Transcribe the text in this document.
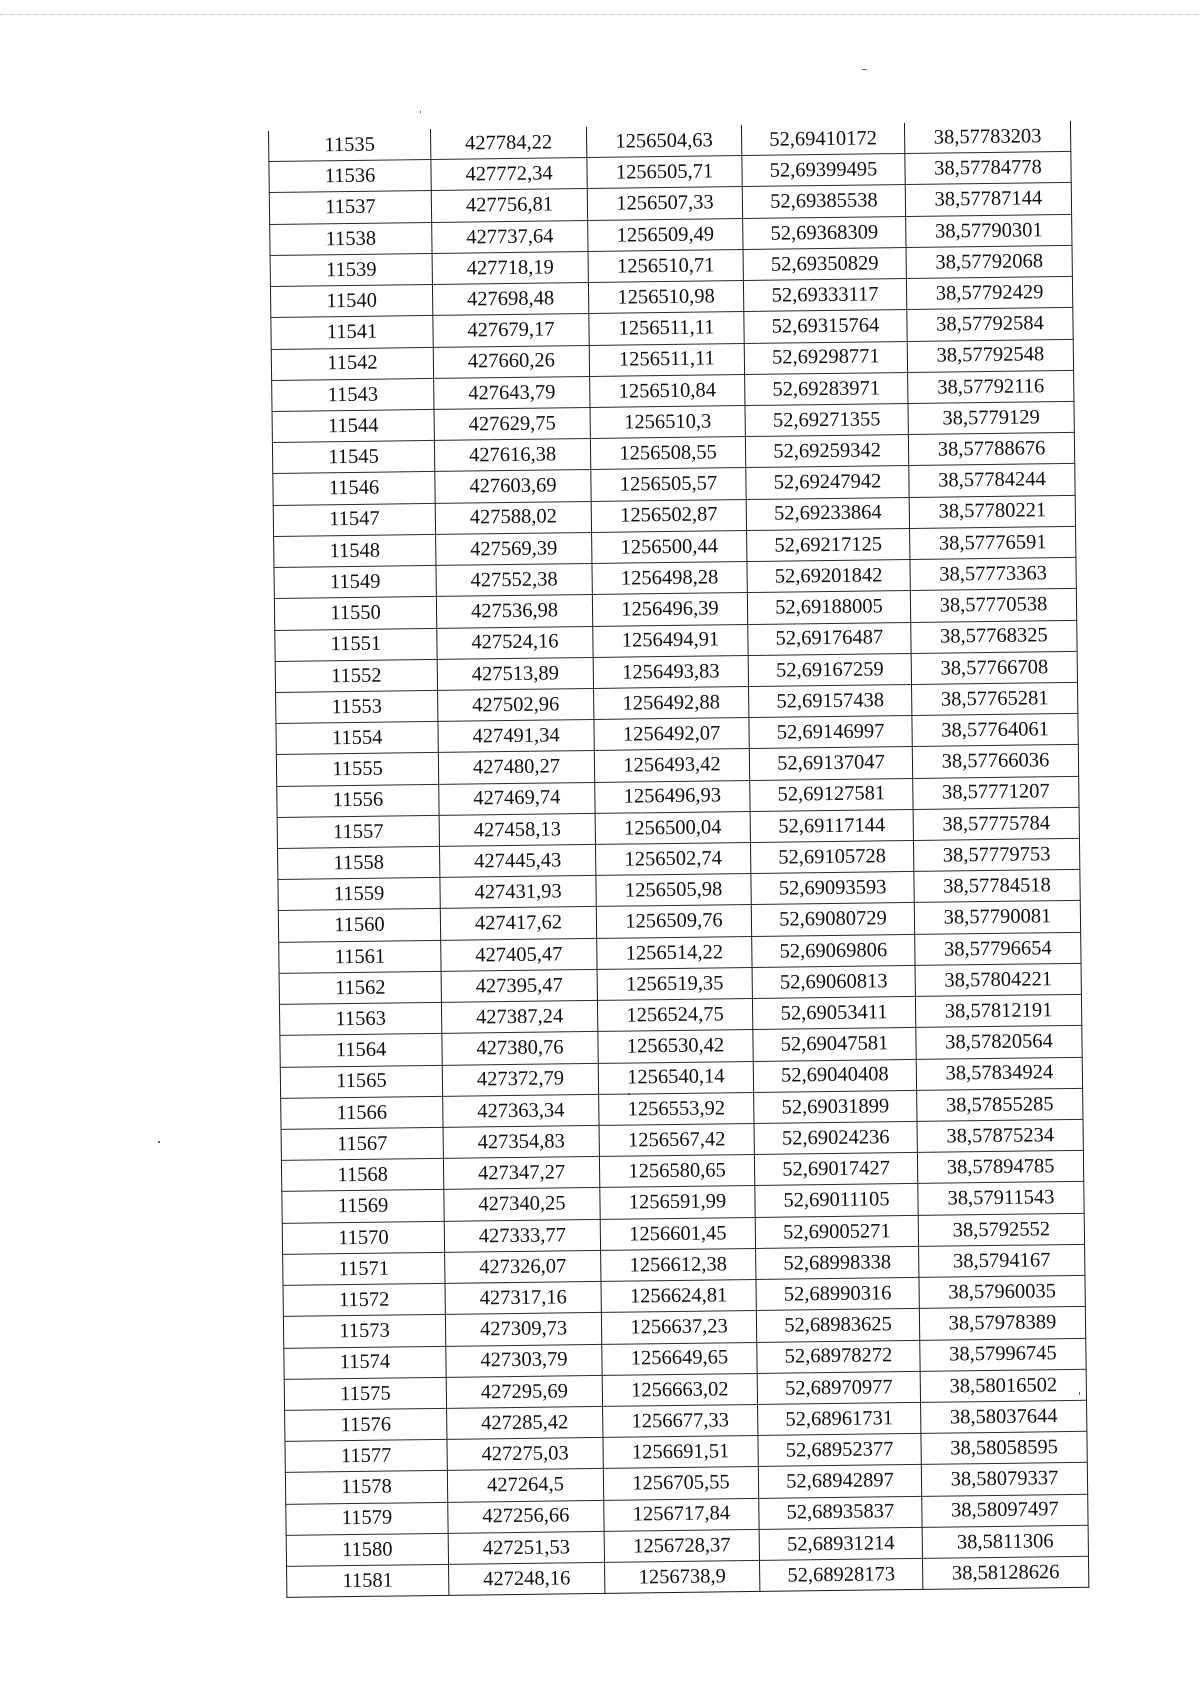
11535	427784,22	1256504,63	52,69410172	38,57783203
11536	427772,34	1256505,71	52,69399495	38,57784778
11537	427756,81	1256507,33	52,69385538	38,57787144
11538	427737,64	1256509,49	52,69368309	38,57790301
11539	427718,19	1256510,71	52,69350829	38,57792068
11540	427698,48	1256510,98	52,69333117	38,57792429
11541	427679,17	1256511,11	52,69315764	38,57792584
11542	427660,26	1256511,11	52,69298771	38,57792548
11543	427643,79	1256510,84	52,69283971	38,57792116
11544	427629,75	1256510,3	52,69271355	38,5779129
11545	427616,38	1256508,55	52,69259342	38,57788676
11546	427603,69	1256505,57	52,69247942	38,57784244
11547	427588,02	1256502,87	52,69233864	38,57780221
11548	427569,39	1256500,44	52,69217125	38,57776591
11549	427552,38	1256498,28	52,69201842	38,57773363
11550	427536,98	1256496,39	52,69188005	38,57770538
11551	427524,16	1256494,91	52,69176487	38,57768325
11552	427513,89	1256493,83	52,69167259	38,57766708
11553	427502,96	1256492,88	52,69157438	38,57765281
11554	427491,34	1256492,07	52,69146997	38,57764061
11555	427480,27	1256493,42	52,69137047	38,57766036
11556	427469,74	1256496,93	52,69127581	38,57771207
11557	427458,13	1256500,04	52,69117144	38,57775784
11558	427445,43	1256502,74	52,69105728	38,57779753
11559	427431,93	1256505,98	52,69093593	38,57784518
11560	427417,62	1256509,76	52,69080729	38,57790081
11561	427405,47	1256514,22	52,69069806	38,57796654
11562	427395,47	1256519,35	52,69060813	38,57804221
11563	427387,24	1256524,75	52,69053411	38,57812191
11564	427380,76	1256530,42	52,69047581	38,57820564
11565	427372,79	1256540,14	52,69040408	38,57834924
11566	427363,34	1256553,92	52,69031899	38,57855285
11567	427354,83	1256567,42	52,69024236	38,57875234
11568	427347,27	1256580,65	52,69017427	38,57894785
11569	427340,25	1256591,99	52,69011105	38,57911543
11570	427333,77	1256601,45	52,69005271	38,5792552
11571	427326,07	1256612,38	52,68998338	38,5794167
11572	427317,16	1256624,81	52,68990316	38,57960035
11573	427309,73	1256637,23	52,68983625	38,57978389
11574	427303,79	1256649,65	52,68978272	38,57996745
11575	427295,69	1256663,02	52,68970977	38,58016502
11576	427285,42	1256677,33	52,68961731	38,58037644
11577	427275,03	1256691,51	52,68952377	38,58058595
11578	427264,5	1256705,55	52,68942897	38,58079337
11579	427256,66	1256717,84	52,68935837	38,58097497
11580	427251,53	1256728,37	52,68931214	38,5811306
11581	427248,16	1256738,9	52,68928173	38,58128626
